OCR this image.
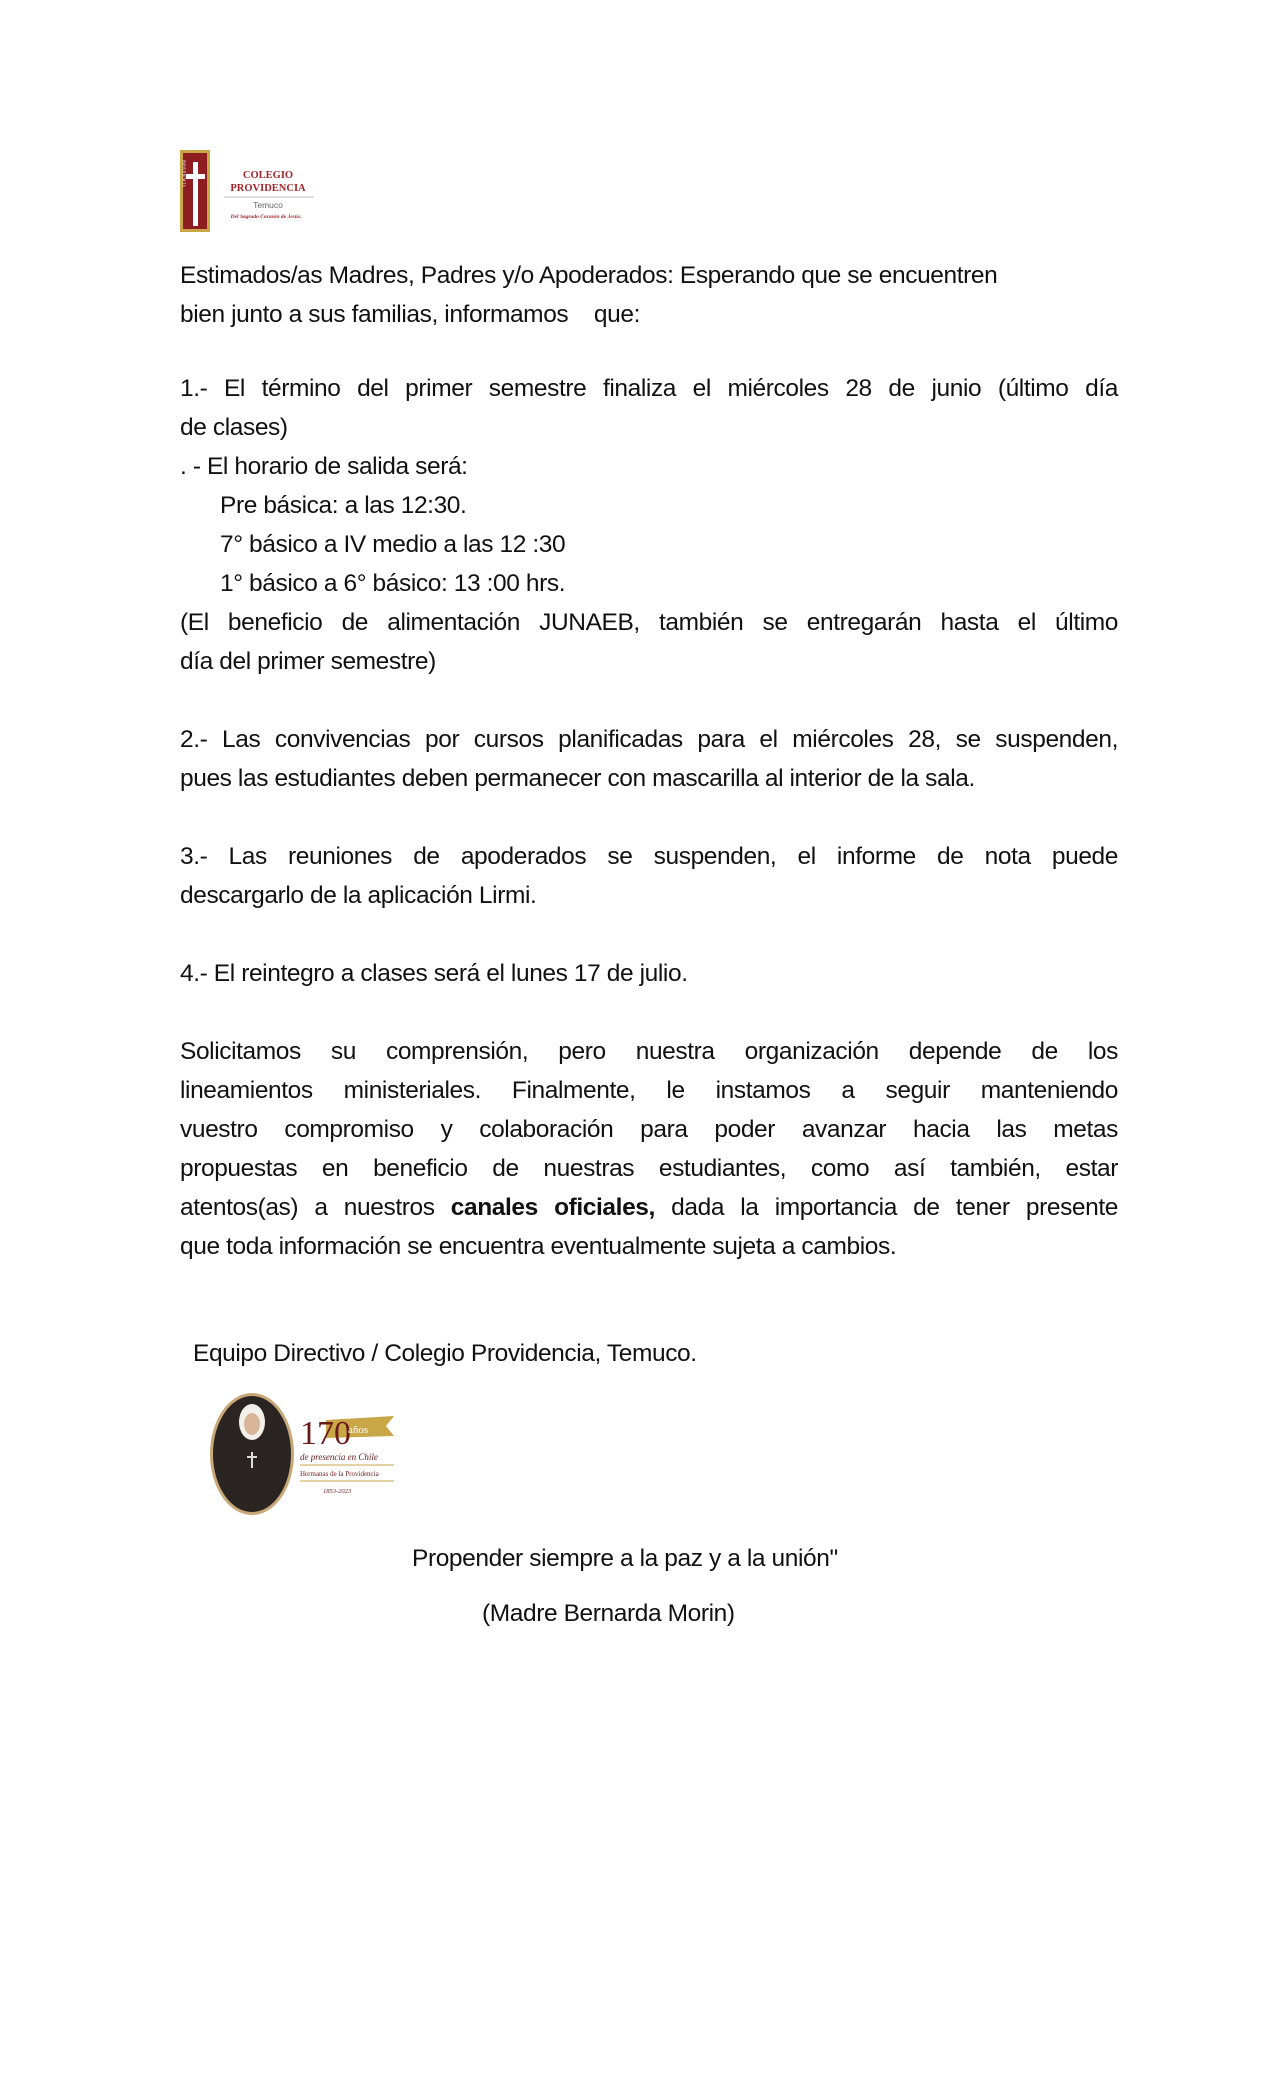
PROVIDENCIA	COLEGIO
PROVIDENCIA
Temuco
Del Sagrado Corazón de Jesús.
Estimados/as Madres, Padres y/o Apoderados: Esperando que se encuentren
bien junto a sus familias, informamos    que:
1.- El término del primer semestre finaliza el miércoles 28 de junio (último día
de clases)
. - El horario de salida será:
Pre básica: a las 12:30.
7° básico a IV medio a las 12 :30
1° básico a 6° básico: 13 :00 hrs.
(El beneficio de alimentación JUNAEB, también se entregarán hasta el último
día del primer semestre)
2.- Las convivencias por cursos planificadas para el miércoles 28, se suspenden,
pues las estudiantes deben permanecer con mascarilla al interior de la sala.
3.- Las reuniones de apoderados se suspenden, el informe de nota puede
descargarlo de la aplicación Lirmi.
4.- El reintegro a clases será el lunes 17 de julio.
Solicitamos su comprensión, pero nuestra organización depende de los
lineamientos ministeriales. Finalmente, le instamos a seguir manteniendo
vuestro compromiso y colaboración para poder avanzar hacia las metas
propuestas en beneficio de nuestras estudiantes, como así también, estar
atentos(as) a nuestros canales oficiales, dada la importancia de tener presente
que toda información se encuentra eventualmente sujeta a cambios.
Equipo Directivo / Colegio Providencia, Temuco.
170
años
de presencia en Chile
Hermanas de la Providencia
1853-2023
Propender siempre a la paz y a la unión"
(Madre Bernarda Morin)
